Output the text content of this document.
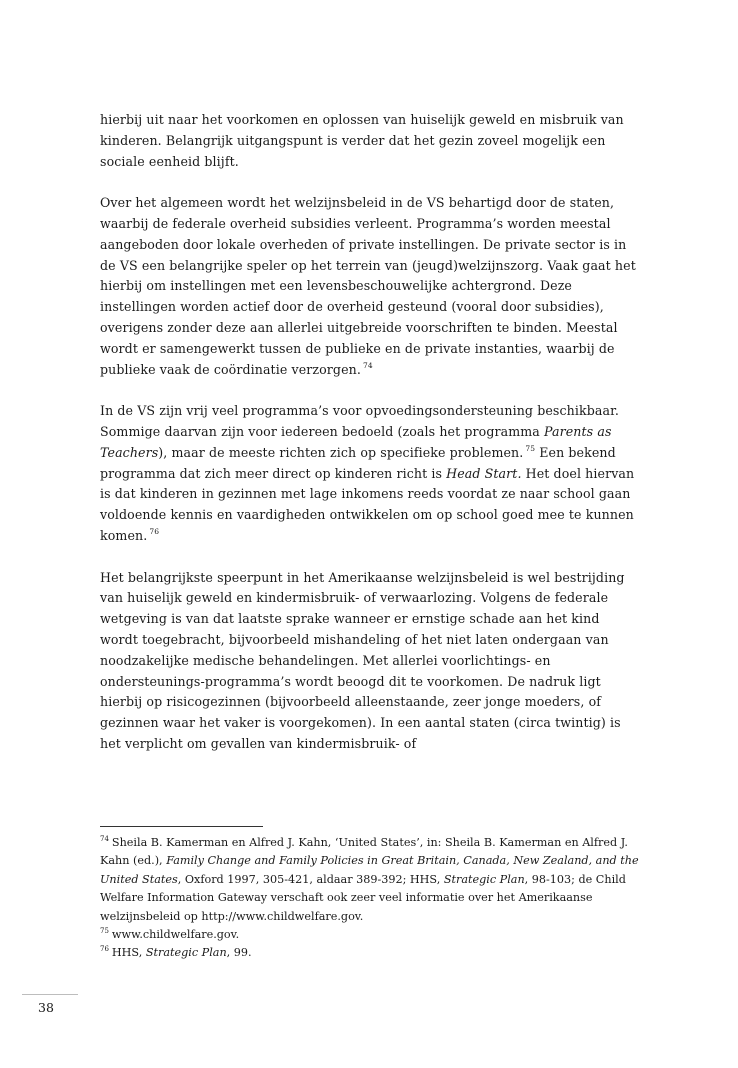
hierbij uit naar het voorkomen en oplossen van huiselijk geweld en misbruik van kinderen. Belangrijk uitgangspunt is verder dat het gezin zoveel mogelijk een sociale eenheid blijft.

Over het algemeen wordt het welzijnsbeleid in de VS behartigd door de staten, waarbij de federale overheid subsidies verleent. Programma’s worden meestal aangeboden door lokale overheden of private instellingen. De private sector is in de VS een belangrijke speler op het terrein van (jeugd)welzijnszorg. Vaak gaat het hierbij om instellingen met een levensbeschouwelijke achtergrond. Deze instellingen worden actief door de overheid gesteund (vooral door subsidies), overigens zonder deze aan allerlei uitgebreide voorschriften te binden. Meestal wordt er samengewerkt tussen de publieke en de private instanties, waarbij de publieke vaak de coördinatie verzorgen. $^{74}$

In de VS zijn vrij veel programma’s voor opvoedingsondersteuning beschikbaar. Sommige daarvan zijn voor iedereen bedoeld (zoals het programma Parents as Teachers), maar de meeste richten zich op specifieke problemen. $^{75}$ Een bekend programma dat zich meer direct op kinderen richt is Head Start. Het doel hiervan is dat kinderen in gezinnen met lage inkomens reeds voordat ze naar school gaan voldoende kennis en vaardigheden ontwikkelen om op school goed mee te kunnen komen. $^{76}$

Het belangrijkste speerpunt in het Amerikaanse welzijnsbeleid is wel bestrijding van huiselijk geweld en kindermisbruik- of verwaarlozing. Volgens de federale wetgeving is van dat laatste sprake wanneer er ernstige schade aan het kind wordt toegebracht, bijvoorbeeld mishandeling of het niet laten ondergaan van noodzakelijke medische behandelingen. Met allerlei voorlichtings- en ondersteunings-programma’s wordt beoogd dit te voorkomen. De nadruk ligt hierbij op risicogezinnen (bijvoorbeeld alleenstaande, zeer jonge moeders, of gezinnen waar het vaker is voorgekomen). In een aantal staten (circa twintig) is het verplicht om gevallen van kindermisbruik- of

$^{74}$ Sheila B. Kamerman en Alfred J. Kahn, ‘United States’, in: Sheila B. Kamerman en Alfred J. Kahn (ed.), Family Change and Family Policies in Great Britain, Canada, New Zealand, and the United States, Oxford 1997, 305-421, aldaar 389-392; HHS, Strategic Plan, 98-103; de Child Welfare Information Gateway verschaft ook zeer veel informatie over het Amerikaanse welzijnsbeleid op http://www.childwelfare.gov.

$^{75}$ www.childwelfare.gov.

$^{76}$ HHS, Strategic Plan, 99.

38
